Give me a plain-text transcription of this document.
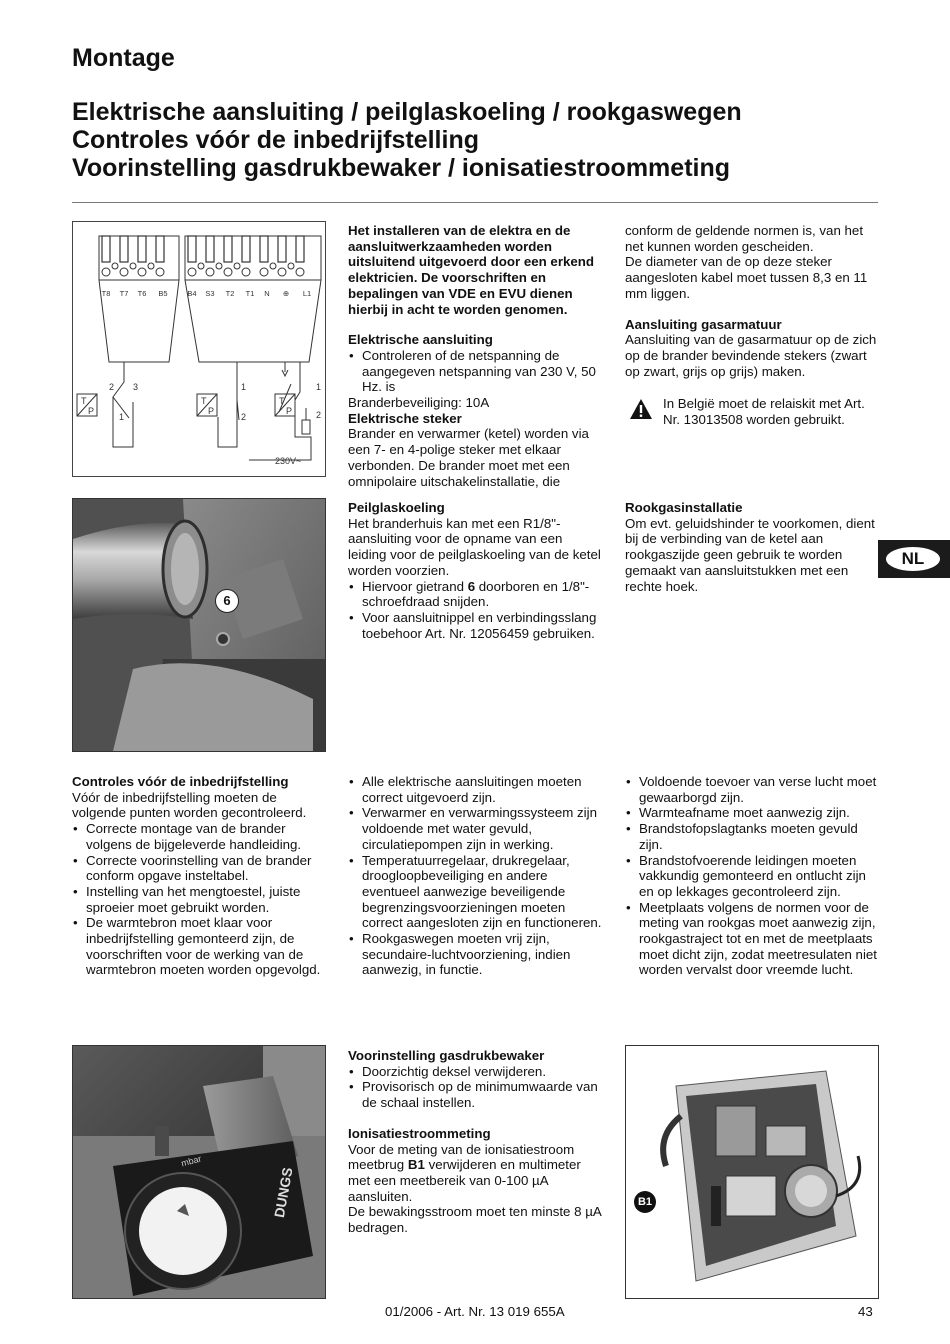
Montage
Elektrische aansluiting / peilglaskoeling / rookgaswegen
Controles vóór de inbedrijfstelling
Voorinstelling gasdrukbewaker / ionisatiestroommeting
T8 T7 T6 B5	B4 S3 T2 T1 N ⊕ L1
T
P
T
P
T
P
2 3
1
1
2
1
2
230V~

Het installeren van de elektra en de aansluitwerkzaamheden worden uitsluitend uitgevoerd door een erkend elektricien. De voorschriften en bepalingen van VDE en EVU dienen hierbij in acht te worden genomen.

Elektrische aansluiting

• Controleren of de netspanning de aangegeven netspanning van 230 V, 50 Hz. is

Branderbeveiliging: 10A

Elektrische steker

Brander en verwarmer (ketel) worden via een 7- en 4-polige steker met elkaar verbonden. De brander moet met een omnipolaire uitschakelinstallatie, die

conform de geldende normen is, van het net kunnen worden gescheiden.

De diameter van de op deze steker aangesloten kabel moet tussen 8,3 en 11 mm liggen.

Aansluiting gasarmatuur

Aansluiting van de gasarmatuur op de zich op de brander bevindende stekers (zwart op zwart, grijs op grijs) maken.

In België moet de relaiskit met Art. Nr. 13013508 worden gebruikt.

6

Peilglaskoeling

Het branderhuis kan met een R1/8"-aansluiting voor de opname van een leiding voor de peilglaskoeling van de ketel worden voorzien.

• Hiervoor gietrand 6 doorboren en 1/8"-schroefdraad snijden.
• Voor aansluitnippel en verbindingsslang toebehoor Art. Nr. 12056459 gebruiken.

Rookgasinstallatie

Om evt. geluidshinder te voorkomen, dient bij de verbinding van de ketel aan rookgaszijde geen gebruik te worden gemaakt van aansluitstukken met een rechte hoek.

NL

Controles vóór de inbedrijfstelling

Vóór de inbedrijfstelling moeten de volgende punten worden gecontroleerd.

• Correcte montage van de brander volgens de bijgeleverde handleiding.
• Correcte voorinstelling van de brander conform opgave insteltabel.
• Instelling van het mengtoestel, juiste sproeier moet gebruikt worden.
• De warmtebron moet klaar voor inbedrijfstelling gemonteerd zijn, de voorschriften voor de werking van de warmtebron moeten worden opgevolgd.
• Alle elektrische aansluitingen moeten correct uitgevoerd zijn.
• Verwarmer en verwarmingssysteem zijn voldoende met water gevuld, circulatiepompen zijn in werking.
• Temperatuurregelaar, drukregelaar, droogloopbeveiliging en andere eventueel aanwezige beveiligende begrenzingsvoorzieningen moeten correct aangesloten zijn en functioneren.
• Rookgaswegen moeten vrij zijn, secundaire-luchtvoorziening, indien aanwezig, in functie.
• Voldoende toevoer van verse lucht moet gewaarborgd zijn.
• Warmteafname moet aanwezig zijn.
• Brandstofopslagtanks moeten gevuld zijn.
• Brandstofvoerende leidingen moeten vakkundig gemonteerd en ontlucht zijn en op lekkages gecontroleerd zijn.
• Meetplaats volgens de normen voor de meting van rookgas moet aanwezig zijn, rookgastraject tot en met de meetplaats moet dicht zijn, zodat meetresulaten niet worden vervalst door vreemde lucht.
DUNGS
mbar

Voorinstelling gasdrukbewaker

• Doorzichtig deksel verwijderen.
• Provisorisch op de minimumwaarde van de schaal instellen.

Ionisatiestroommeting

Voor de meting van de ionisatiestroom meetbrug B1 verwijderen en multimeter met een meetbereik van 0-100 µA aansluiten.

De bewakingsstroom moet ten minste 8 µA bedragen.

B1
01/2006 - Art. Nr. 13 019 655A	43
